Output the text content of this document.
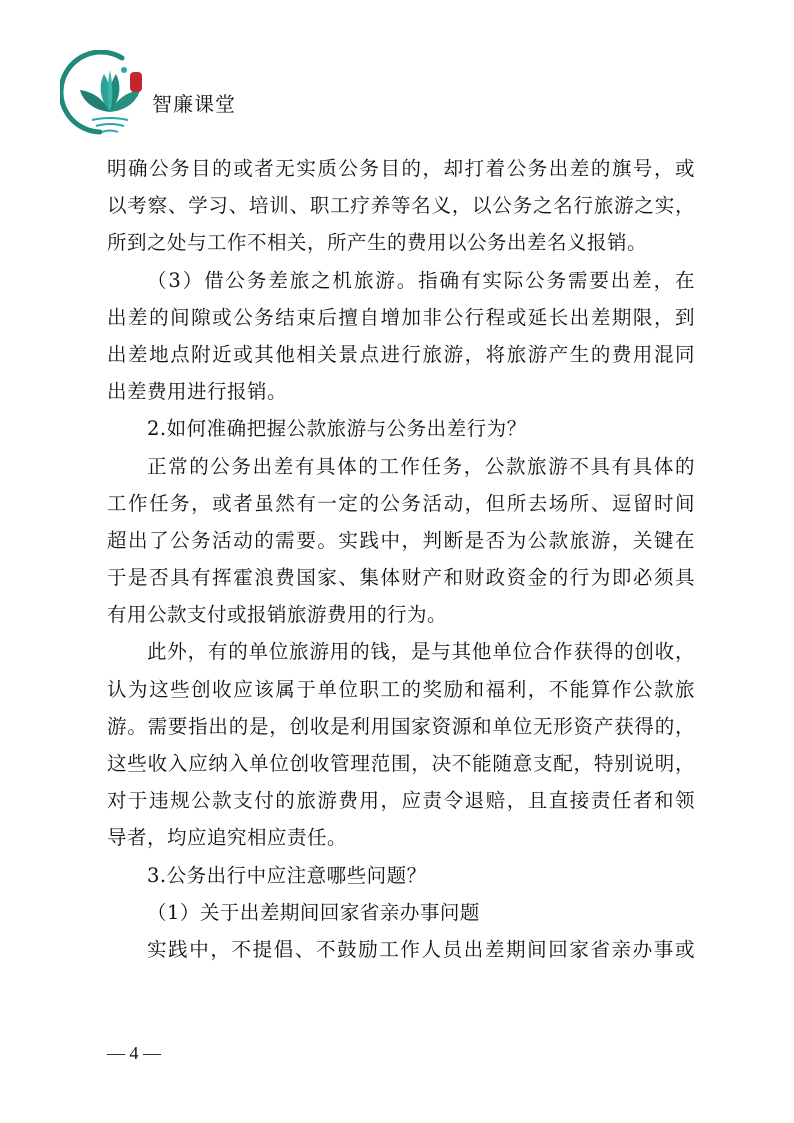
智廉课堂
明确公务目的或者无实质公务目的，却打着公务出差的旗号，或
以考察、学习、培训、职工疗养等名义，以公务之名行旅游之实，
所到之处与工作不相关，所产生的费用以公务出差名义报销。
（3）借公务差旅之机旅游。指确有实际公务需要出差，在
出差的间隙或公务结束后擅自增加非公行程或延长出差期限，到
出差地点附近或其他相关景点进行旅游，将旅游产生的费用混同
出差费用进行报销。
2.如何准确把握公款旅游与公务出差行为？
正常的公务出差有具体的工作任务，公款旅游不具有具体的
工作任务，或者虽然有一定的公务活动，但所去场所、逗留时间
超出了公务活动的需要。实践中，判断是否为公款旅游，关键在
于是否具有挥霍浪费国家、集体财产和财政资金的行为即必须具
有用公款支付或报销旅游费用的行为。
此外，有的单位旅游用的钱，是与其他单位合作获得的创收，
认为这些创收应该属于单位职工的奖励和福利，不能算作公款旅
游。需要指出的是，创收是利用国家资源和单位无形资产获得的，
这些收入应纳入单位创收管理范围，决不能随意支配，特别说明，
对于违规公款支付的旅游费用，应责令退赔，且直接责任者和领
导者，均应追究相应责任。
3.公务出行中应注意哪些问题？
（1）关于出差期间回家省亲办事问题
实践中，不提倡、不鼓励工作人员出差期间回家省亲办事或
— 4 —
